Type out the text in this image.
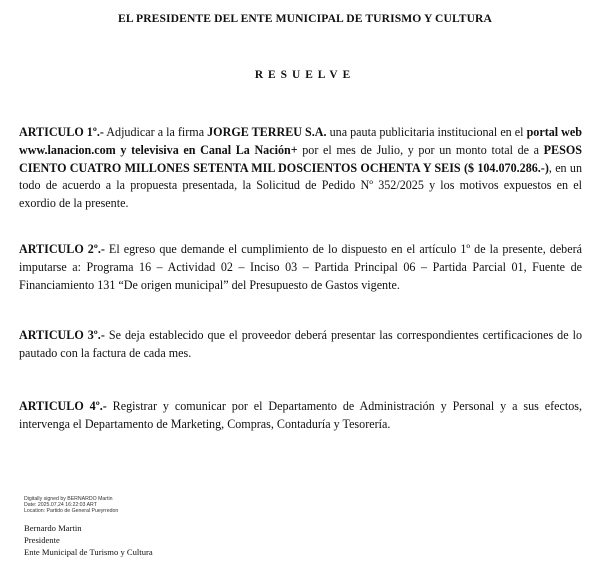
EL PRESIDENTE DEL ENTE MUNICIPAL DE TURISMO Y CULTURA
RESUELVE

ARTICULO 1º.- Adjudicar a la firma JORGE TERREU S.A. una pauta publicitaria institucional en el portal web www.lanacion.com y televisiva en Canal La Nación+ por el mes de Julio, y por un monto total de a PESOS CIENTO CUATRO MILLONES SETENTA MIL DOSCIENTOS OCHENTA Y SEIS ($ 104.070.286.-), en un todo de acuerdo a la propuesta presentada, la Solicitud de Pedido Nº 352/2025 y los motivos expuestos en el exordio de la presente.

ARTICULO 2º.- El egreso que demande el cumplimiento de lo dispuesto en el artículo 1º de la presente, deberá imputarse a: Programa 16 – Actividad 02 – Inciso 03 – Partida Principal 06 – Partida Parcial 01, Fuente de Financiamiento 131 “De origen municipal” del Presupuesto de Gastos vigente.

ARTICULO 3º.- Se deja establecido que el proveedor deberá presentar las correspondientes certificaciones de lo pautado con la factura de cada mes.

ARTICULO 4º.- Registrar y comunicar por el Departamento de Administración y Personal y a sus efectos, intervenga el Departamento de Marketing, Compras, Contaduría y Tesorería.

Digitally signed by BERNARDO Martin
Date: 2025.07.24 16:22:03 ART
Location: Partido de General Pueyrredon
Bernardo Martin
Presidente
Ente Municipal de Turismo y Cultura
